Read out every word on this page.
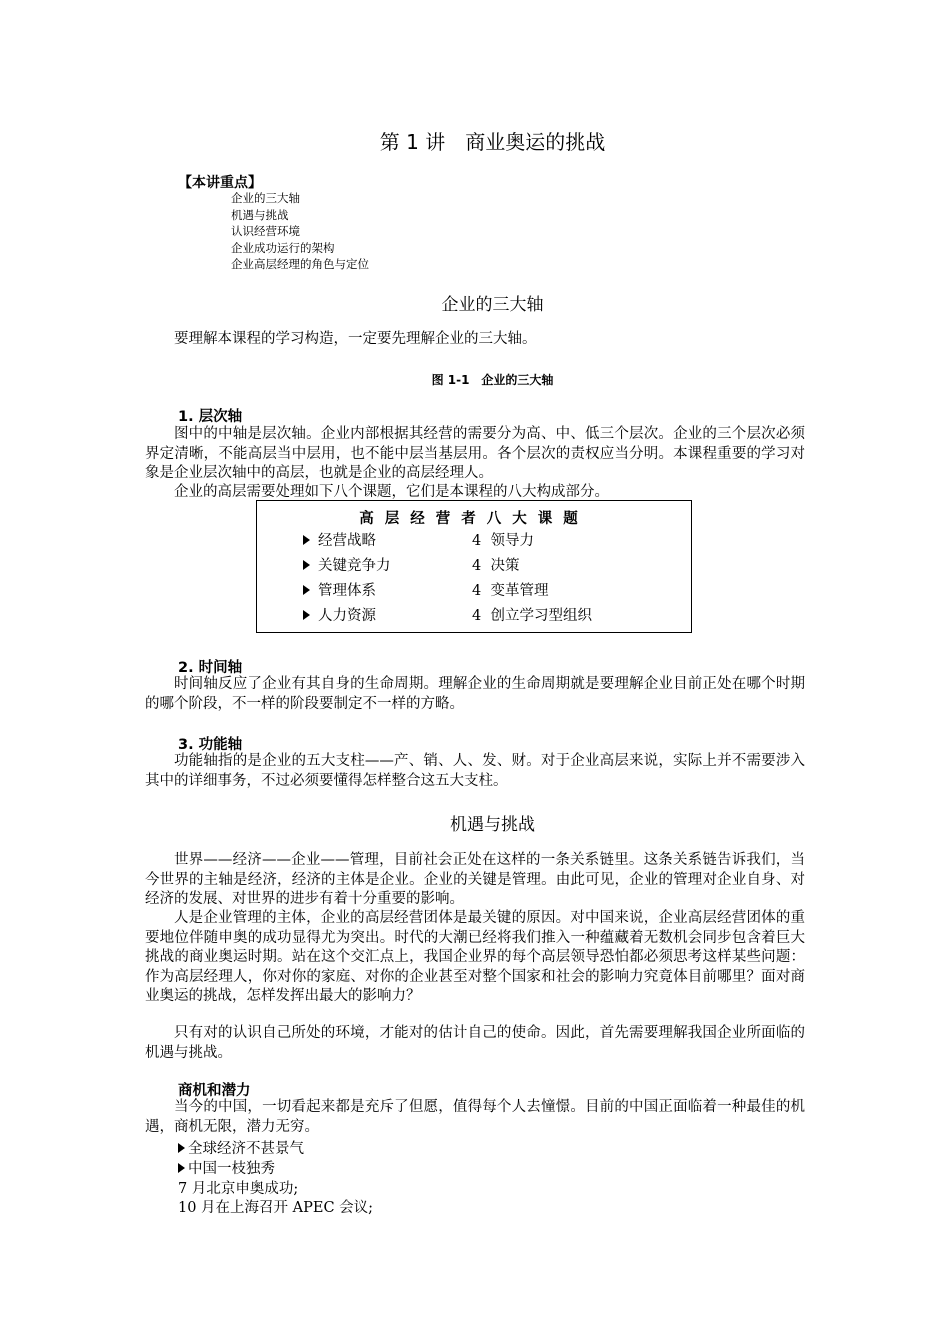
第 1 讲　商业奥运的挑战
【本讲重点】
企业的三大轴
机遇与挑战
认识经营环境
企业成功运行的架构
企业高层经理的角色与定位
企业的三大轴

要理解本课程的学习构造，一定要先理解企业的三大轴。

图 1-1　企业的三大轴
1. 层次轴

图中的中轴是层次轴。企业内部根据其经营的需要分为高、中、低三个层次。企业的三个层次必须界定清晰，不能高层当中层用，也不能中层当基层用。各个层次的责权应当分明。本课程重要的学习对象是企业层次轴中的高层，也就是企业的高层经理人。

企业的高层需要处理如下八个课题，它们是本课程的八大构成部分。

高层经营者八大课题
经营战略
关键竞争力
管理体系
人力资源
4 领导力
4 决策
4 变革管理
4 创立学习型组织
2. 时间轴

时间轴反应了企业有其自身的生命周期。理解企业的生命周期就是要理解企业目前正处在哪个时期的哪个阶段，不一样的阶段要制定不一样的方略。

3. 功能轴

功能轴指的是企业的五大支柱——产、销、人、发、财。对于企业高层来说，实际上并不需要涉入其中的详细事务，不过必须要懂得怎样整合这五大支柱。

机遇与挑战

世界——经济——企业——管理，目前社会正处在这样的一条关系链里。这条关系链告诉我们，当今世界的主轴是经济，经济的主体是企业。企业的关键是管理。由此可见，企业的管理对企业自身、对经济的发展、对世界的进步有着十分重要的影响。

人是企业管理的主体，企业的高层经营团体是最关键的原因。对中国来说，企业高层经营团体的重要地位伴随申奥的成功显得尤为突出。时代的大潮已经将我们推入一种蕴藏着无数机会同步包含着巨大挑战的商业奥运时期。站在这个交汇点上，我国企业界的每个高层领导恐怕都必须思考这样某些问题：作为高层经理人，你对你的家庭、对你的企业甚至对整个国家和社会的影响力究竟体目前哪里？面对商业奥运的挑战，怎样发挥出最大的影响力？

只有对的认识自己所处的环境，才能对的估计自己的使命。因此，首先需要理解我国企业所面临的机遇与挑战。

商机和潜力

当今的中国，一切看起来都是充斥了但愿，值得每个人去憧憬。目前的中国正面临着一种最佳的机遇，商机无限，潜力无穷。

全球经济不甚景气
中国一枝独秀
7 月北京申奥成功;
10 月在上海召开 APEC 会议;
